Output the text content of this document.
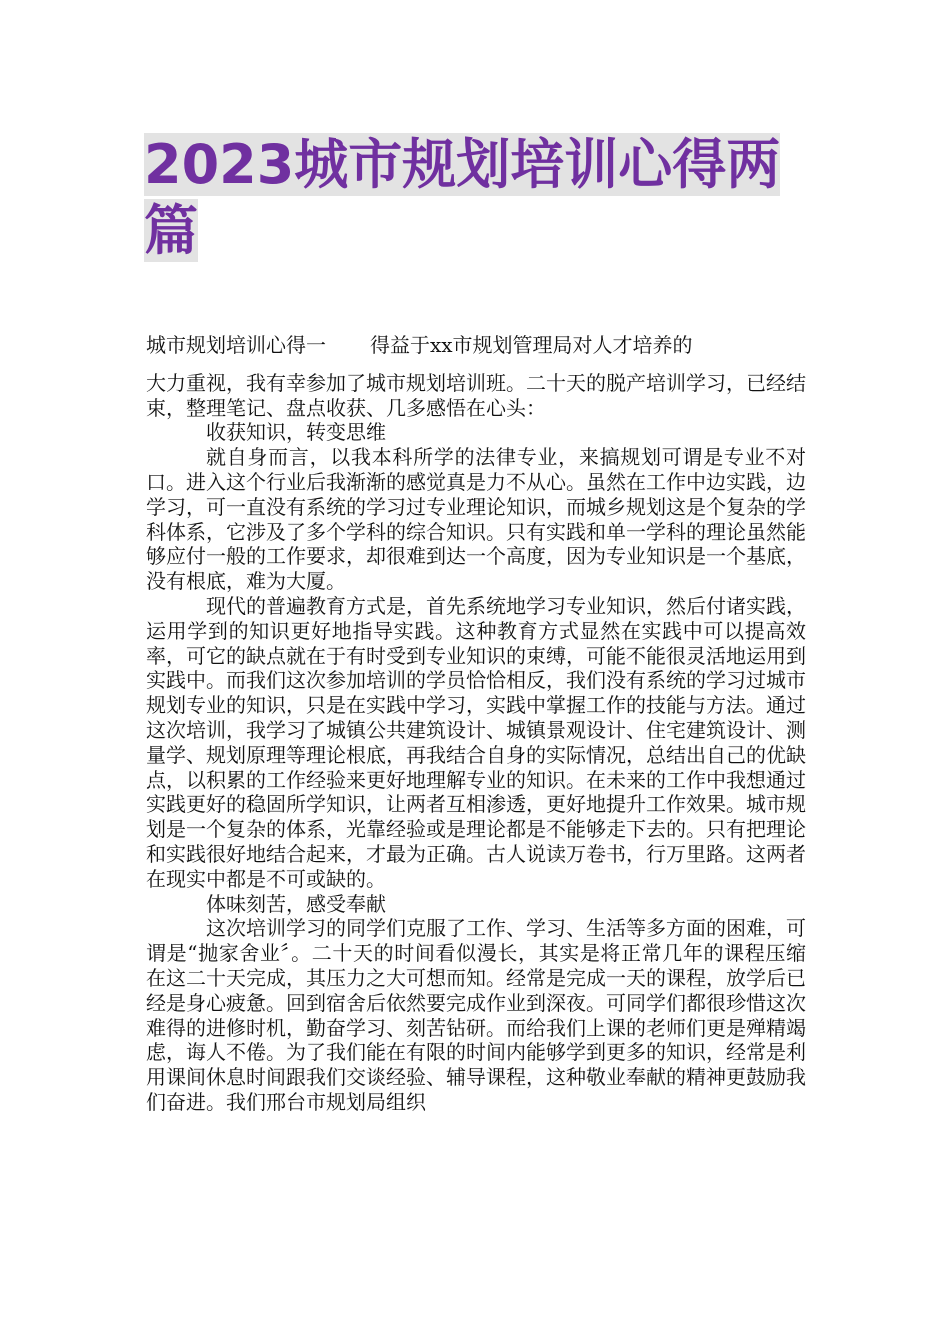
2023城市规划培训心得两篇

城市规划培训心得一 得益于xx市规划管理局对人才培养的

大力重视，我有幸参加了城市规划培训班。二十天的脱产培训学习，已经结束，整理笔记、盘点收获、几多感悟在心头：

收获知识，转变思维

就自身而言，以我本科所学的法律专业，来搞规划可谓是专业不对口。进入这个行业后我渐渐的感觉真是力不从心。虽然在工作中边实践，边学习，可一直没有系统的学习过专业理论知识，而城乡规划这是个复杂的学科体系，它涉及了多个学科的综合知识。只有实践和单一学科的理论虽然能够应付一般的工作要求，却很难到达一个高度，因为专业知识是一个基底，没有根底，难为大厦。

现代的普遍教育方式是，首先系统地学习专业知识，然后付诸实践，运用学到的知识更好地指导实践。这种教育方式显然在实践中可以提高效率，可它的缺点就在于有时受到专业知识的束缚，可能不能很灵活地运用到实践中。而我们这次参加培训的学员恰恰相反，我们没有系统的学习过城市规划专业的知识，只是在实践中学习，实践中掌握工作的技能与方法。通过这次培训，我学习了城镇公共建筑设计、城镇景观设计、住宅建筑设计、测量学、规划原理等理论根底，再我结合自身的实际情况，总结出自己的优缺点，以积累的工作经验来更好地理解专业的知识。在未来的工作中我想通过实践更好的稳固所学知识，让两者互相渗透，更好地提升工作效果。城市规划是一个复杂的体系，光靠经验或是理论都是不能够走下去的。只有把理论和实践很好地结合起来，才最为正确。古人说读万卷书，行万里路。这两者在现实中都是不可或缺的。

体味刻苦，感受奉献

这次培训学习的同学们克服了工作、学习、生活等多方面的困难，可谓是“抛家舍业〞。二十天的时间看似漫长，其实是将正常几年的课程压缩在这二十天完成，其压力之大可想而知。经常是完成一天的课程，放学后已经是身心疲惫。回到宿舍后依然要完成作业到深夜。可同学们都很珍惜这次难得的进修时机，勤奋学习、刻苦钻研。而给我们上课的老师们更是殚精竭虑，诲人不倦。为了我们能在有限的时间内能够学到更多的知识，经常是利用课间休息时间跟我们交谈经验、辅导课程，这种敬业奉献的精神更鼓励我们奋进。我们邢台市规划局组织
